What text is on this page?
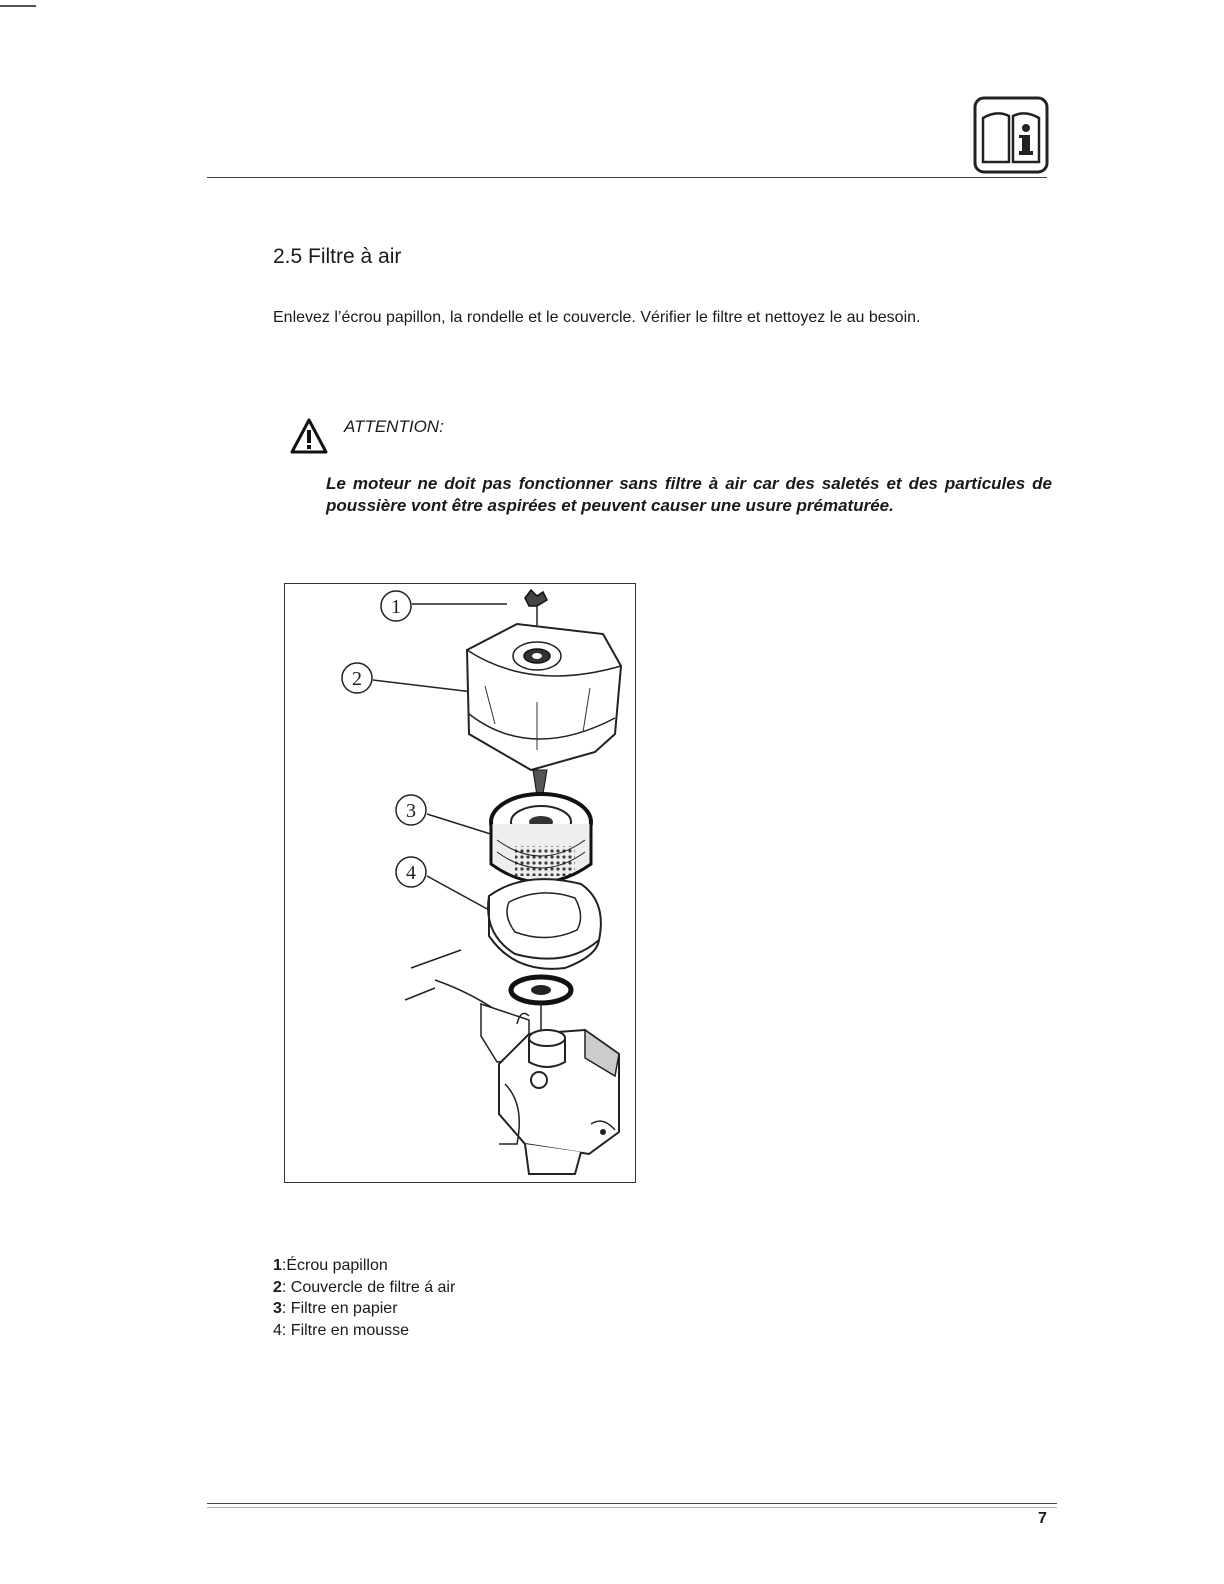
2.5 Filtre à air

Enlevez l’écrou papillon, la rondelle et le couvercle. Vérifier le filtre et nettoyez le au besoin.

ATTENTION:

Le moteur ne doit pas fonctionner sans filtre à air car des saletés et des particules de poussière vont être aspirées et peuvent causer une usure prématurée.

1
2
3
4
1:Écrou papillon
2: Couvercle de filtre á air
3: Filtre en papier
4: Filtre en mousse
7
